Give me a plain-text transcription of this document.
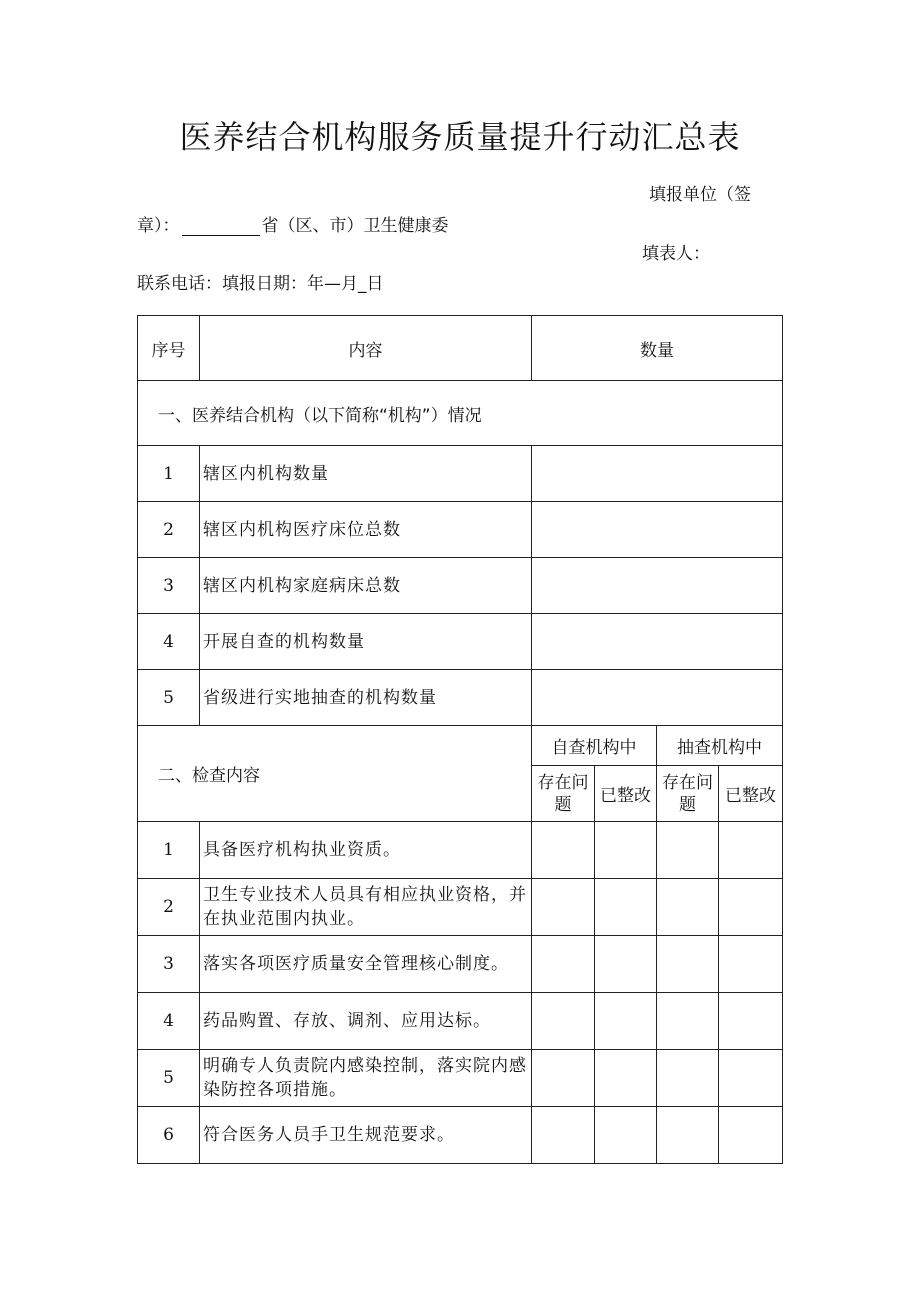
医养结合机构服务质量提升行动汇总表
填报单位（签
章）：	省（区、市）卫生健康委
填表人：
联系电话：填报日期：年—月_日
序号	内容	数量			
一、医养结合机构（以下简称“机构”）情况					
1	辖区内机构数量				
2	辖区内机构医疗床位总数				
3	辖区内机构家庭病床总数				
4	开展自查的机构数量				
5	省级进行实地抽查的机构数量				
二、检查内容		自查机构中		抽查机构中	
		存在问题	已整改	存在问题	已整改
1	具备医疗机构执业资质。				
2	卫生专业技术人员具有相应执业资格，并在执业范围内执业。				
3	落实各项医疗质量安全管理核心制度。				
4	药品购置、存放、调剂、应用达标。				
5	明确专人负责院内感染控制，落实院内感染防控各项措施。				
6	符合医务人员手卫生规范要求。				
